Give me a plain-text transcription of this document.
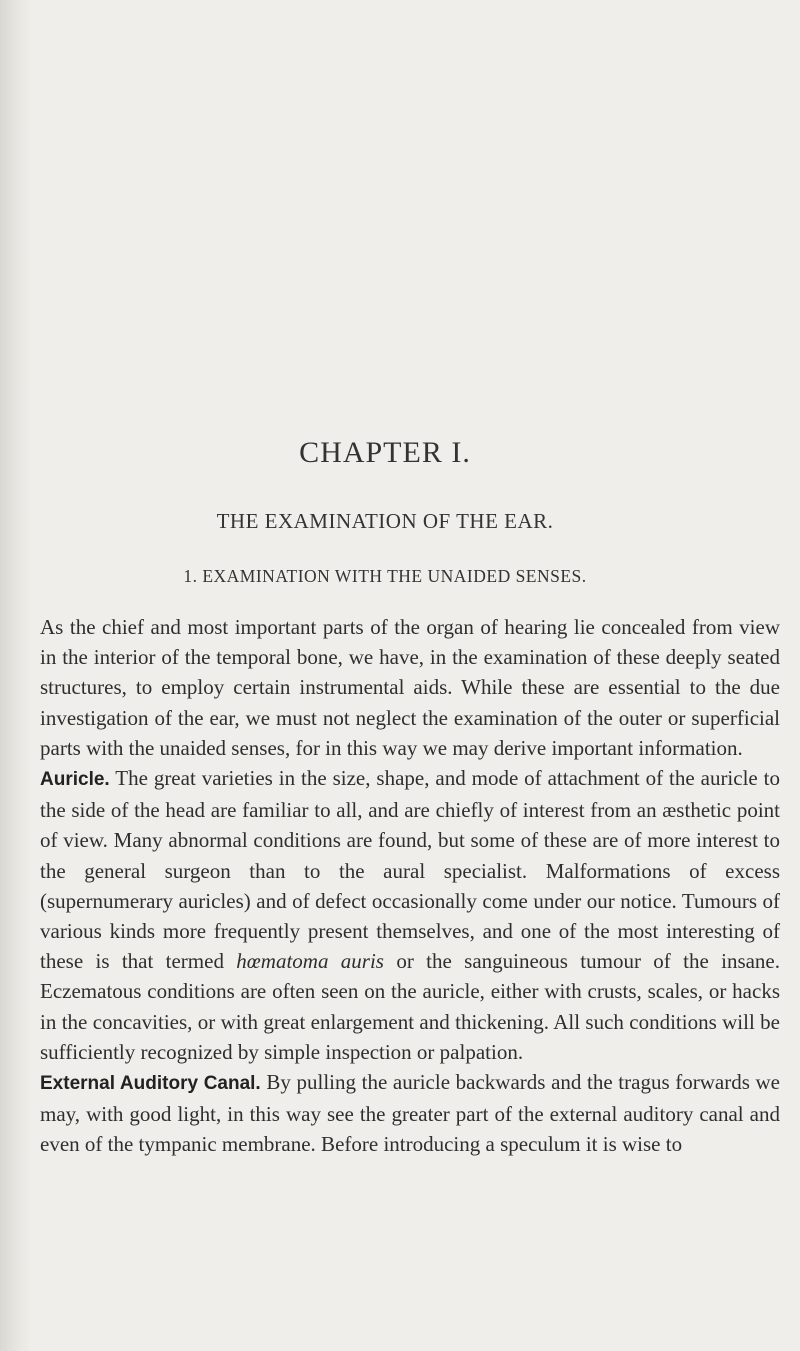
CHAPTER I.
THE EXAMINATION OF THE EAR.
1. EXAMINATION WITH THE UNAIDED SENSES.

As the chief and most important parts of the organ of hearing lie concealed from view in the interior of the temporal bone, we have, in the examination of these deeply seated structures, to employ certain instrumental aids. While these are essential to the due investigation of the ear, we must not neglect the examination of the outer or superficial parts with the unaided senses, for in this way we may derive important information.

Auricle. The great varieties in the size, shape, and mode of attachment of the auricle to the side of the head are familiar to all, and are chiefly of interest from an æsthetic point of view. Many abnormal conditions are found, but some of these are of more interest to the general surgeon than to the aural specialist. Malformations of excess (supernumerary auricles) and of defect occasionally come under our notice. Tumours of various kinds more frequently present themselves, and one of the most interesting of these is that termed hœmatoma auris or the sanguineous tumour of the insane. Eczematous conditions are often seen on the auricle, either with crusts, scales, or hacks in the concavities, or with great enlargement and thickening. All such conditions will be sufficiently recognized by simple inspection or palpation.

External Auditory Canal. By pulling the auricle backwards and the tragus forwards we may, with good light, in this way see the greater part of the external auditory canal and even of the tympanic membrane. Before introducing a speculum it is wise to
